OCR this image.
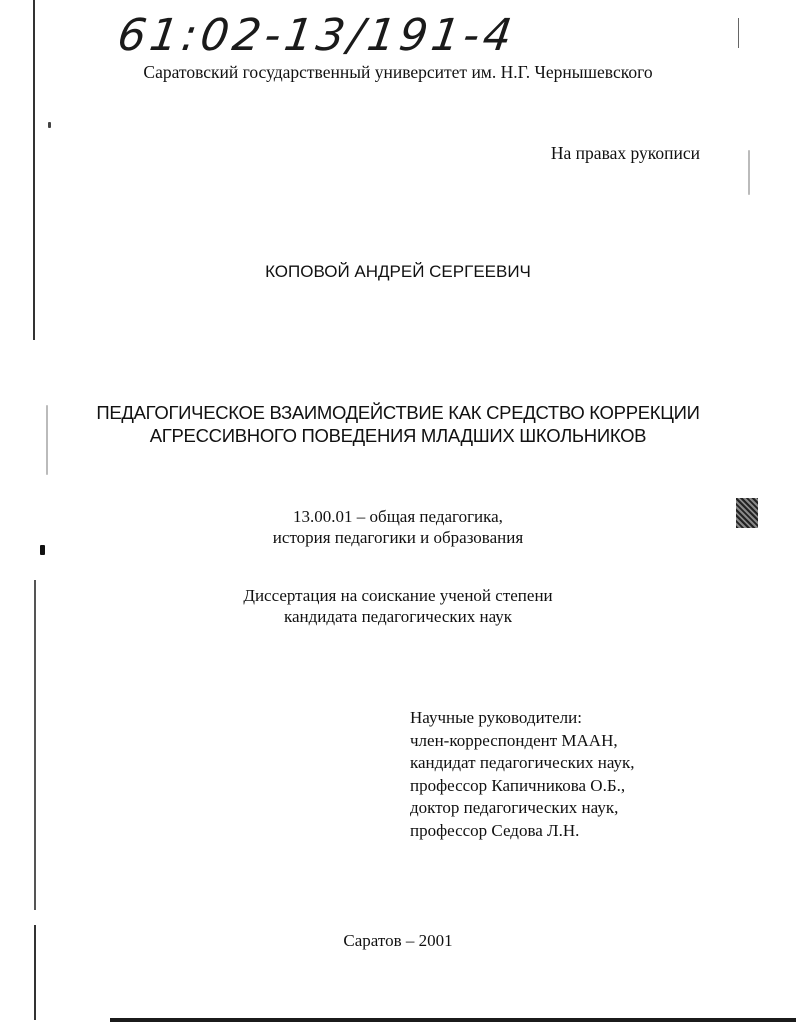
61:02-13/191-4
Саратовский государственный университет им. Н.Г. Чернышевского
На правах рукописи
КОПОВОЙ АНДРЕЙ СЕРГЕЕВИЧ
ПЕДАГОГИЧЕСКОЕ ВЗАИМОДЕЙСТВИЕ КАК СРЕДСТВО КОРРЕКЦИИ
АГРЕССИВНОГО ПОВЕДЕНИЯ МЛАДШИХ ШКОЛЬНИКОВ
13.00.01 – общая педагогика,
история педагогики и образования
Диссертация на соискание ученой степени
кандидата педагогических наук
Научные руководители:
член-корреспондент МААН,
кандидат педагогических наук,
профессор Капичникова О.Б.,
доктор педагогических наук,
профессор Седова Л.Н.
Саратов – 2001
